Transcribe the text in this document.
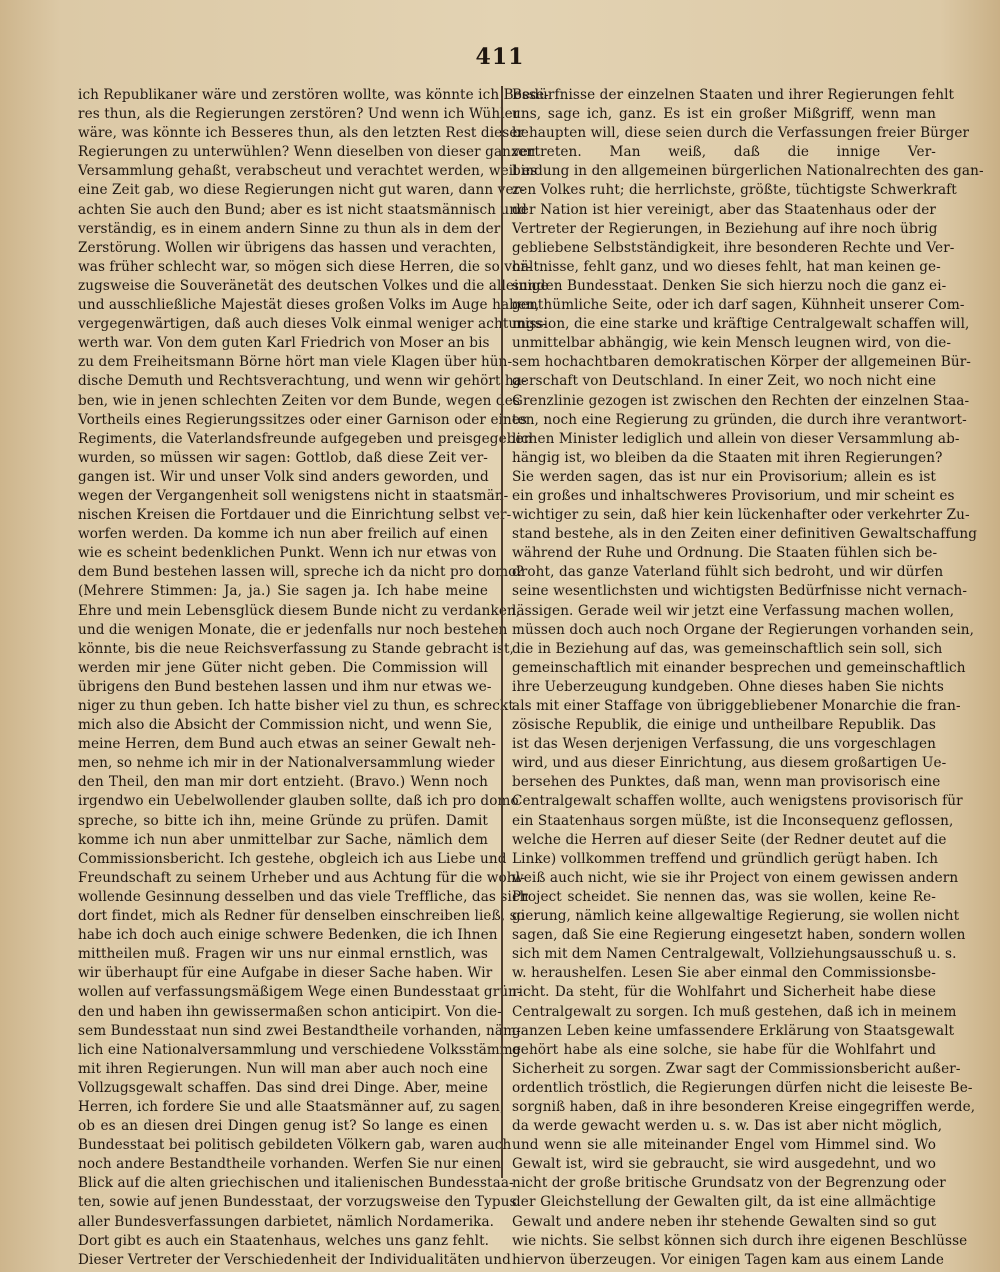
411
ich Republikaner wäre und zerstören wollte, was könnte ich Besse-
res thun, als die Regierungen zerstören? Und wenn ich Wühler
wäre, was könnte ich Besseres thun, als den letzten Rest dieser
Regierungen zu unterwühlen? Wenn dieselben von dieser ganzen
Versammlung gehaßt, verabscheut und verachtet werden, weil es
eine Zeit gab, wo diese Regierungen nicht gut waren, dann ver-
achten Sie auch den Bund; aber es ist nicht staatsmännisch und
verständig, es in einem andern Sinne zu thun als in dem der
Zerstörung. Wollen wir übrigens das hassen und verachten,
was früher schlecht war, so mögen sich diese Herren, die so vor-
zugsweise die Souveränetät des deutschen Volkes und die alleinige
und ausschließliche Majestät dieses großen Volks im Auge haben,
vergegenwärtigen, daß auch dieses Volk einmal weniger achtungs-
werth war. Von dem guten Karl Friedrich von Moser an bis
zu dem Freiheitsmann Börne hört man viele Klagen über hün-
dische Demuth und Rechtsverachtung, und wenn wir gehört ha-
ben, wie in jenen schlechten Zeiten vor dem Bunde, wegen des
Vortheils eines Regierungssitzes oder einer Garnison oder eines
Regiments, die Vaterlandsfreunde aufgegeben und preisgegeben
wurden, so müssen wir sagen: Gottlob, daß diese Zeit ver-
gangen ist. Wir und unser Volk sind anders geworden, und
wegen der Vergangenheit soll wenigstens nicht in staatsmän-
nischen Kreisen die Fortdauer und die Einrichtung selbst ver-
worfen werden. Da komme ich nun aber freilich auf einen
wie es scheint bedenklichen Punkt. Wenn ich nur etwas von
dem Bund bestehen lassen will, spreche ich da nicht pro domo?
(Mehrere Stimmen: Ja, ja.) Sie sagen ja. Ich habe meine
Ehre und mein Lebensglück diesem Bunde nicht zu verdanken,
und die wenigen Monate, die er jedenfalls nur noch bestehen
könnte, bis die neue Reichsverfassung zu Stande gebracht ist,
werden mir jene Güter nicht geben. Die Commission will
übrigens den Bund bestehen lassen und ihm nur etwas we-
niger zu thun geben. Ich hatte bisher viel zu thun, es schreckt
mich also die Absicht der Commission nicht, und wenn Sie,
meine Herren, dem Bund auch etwas an seiner Gewalt neh-
men, so nehme ich mir in der Nationalversammlung wieder
den Theil, den man mir dort entzieht. (Bravo.) Wenn noch
irgendwo ein Uebelwollender glauben sollte, daß ich pro domo
spreche, so bitte ich ihn, meine Gründe zu prüfen. Damit
komme ich nun aber unmittelbar zur Sache, nämlich dem
Commissionsbericht. Ich gestehe, obgleich ich aus Liebe und
Freundschaft zu seinem Urheber und aus Achtung für die wohl-
wollende Gesinnung desselben und das viele Treffliche, das sich
dort findet, mich als Redner für denselben einschreiben ließ, so
habe ich doch auch einige schwere Bedenken, die ich Ihnen
mittheilen muß. Fragen wir uns nur einmal ernstlich, was
wir überhaupt für eine Aufgabe in dieser Sache haben. Wir
wollen auf verfassungsmäßigem Wege einen Bundesstaat grün-
den und haben ihn gewissermaßen schon anticipirt. Von die-
sem Bundesstaat nun sind zwei Bestandtheile vorhanden, näm-
lich eine Nationalversammlung und verschiedene Volksstämme
mit ihren Regierungen. Nun will man aber auch noch eine
Vollzugsgewalt schaffen. Das sind drei Dinge. Aber, meine
Herren, ich fordere Sie und alle Staatsmänner auf, zu sagen,
ob es an diesen drei Dingen genug ist? So lange es einen
Bundesstaat bei politisch gebildeten Völkern gab, waren auch
noch andere Bestandtheile vorhanden. Werfen Sie nur einen
Blick auf die alten griechischen und italienischen Bundesstaa-
ten, sowie auf jenen Bundesstaat, der vorzugsweise den Typus
aller Bundesverfassungen darbietet, nämlich Nordamerika.
Dort gibt es auch ein Staatenhaus, welches uns ganz fehlt.
Dieser Vertreter der Verschiedenheit der Individualitäten und
Bedürfnisse der einzelnen Staaten und ihrer Regierungen fehlt
uns, sage ich, ganz. Es ist ein großer Mißgriff, wenn man
behaupten will, diese seien durch die Verfassungen freier Bürger
vertreten. Man weiß, daß die innige Ver-
bindung in den allgemeinen bürgerlichen Nationalrechten des gan-
zen Volkes ruht; die herrlichste, größte, tüchtigste Schwerkraft
der Nation ist hier vereinigt, aber das Staatenhaus oder der
Vertreter der Regierungen, in Beziehung auf ihre noch übrig
gebliebene Selbstständigkeit, ihre besonderen Rechte und Ver-
hältnisse, fehlt ganz, und wo dieses fehlt, hat man keinen ge-
sunden Bundesstaat. Denken Sie sich hierzu noch die ganz ei-
genthümliche Seite, oder ich darf sagen, Kühnheit unserer Com-
mission, die eine starke und kräftige Centralgewalt schaffen will,
unmittelbar abhängig, wie kein Mensch leugnen wird, von die-
sem hochachtbaren demokratischen Körper der allgemeinen Bür-
gerschaft von Deutschland. In einer Zeit, wo noch nicht eine
Grenzlinie gezogen ist zwischen den Rechten der einzelnen Staa-
ten, noch eine Regierung zu gründen, die durch ihre verantwort-
lichen Minister lediglich und allein von dieser Versammlung ab-
hängig ist, wo bleiben da die Staaten mit ihren Regierungen?
Sie werden sagen, das ist nur ein Provisorium; allein es ist
ein großes und inhaltschweres Provisorium, und mir scheint es
wichtiger zu sein, daß hier kein lückenhafter oder verkehrter Zu-
stand bestehe, als in den Zeiten einer definitiven Gewaltschaffung
während der Ruhe und Ordnung. Die Staaten fühlen sich be-
droht, das ganze Vaterland fühlt sich bedroht, und wir dürfen
seine wesentlichsten und wichtigsten Bedürfnisse nicht vernach-
lässigen. Gerade weil wir jetzt eine Verfassung machen wollen,
müssen doch auch noch Organe der Regierungen vorhanden sein,
die in Beziehung auf das, was gemeinschaftlich sein soll, sich
gemeinschaftlich mit einander besprechen und gemeinschaftlich
ihre Ueberzeugung kundgeben. Ohne dieses haben Sie nichts
als mit einer Staffage von übriggebliebener Monarchie die fran-
zösische Republik, die einige und untheilbare Republik. Das
ist das Wesen derjenigen Verfassung, die uns vorgeschlagen
wird, und aus dieser Einrichtung, aus diesem großartigen Ue-
bersehen des Punktes, daß man, wenn man provisorisch eine
Centralgewalt schaffen wollte, auch wenigstens provisorisch für
ein Staatenhaus sorgen müßte, ist die Inconsequenz geflossen,
welche die Herren auf dieser Seite (der Redner deutet auf die
Linke) vollkommen treffend und gründlich gerügt haben. Ich
weiß auch nicht, wie sie ihr Project von einem gewissen andern
Project scheidet. Sie nennen das, was sie wollen, keine Re-
gierung, nämlich keine allgewaltige Regierung, sie wollen nicht
sagen, daß Sie eine Regierung eingesetzt haben, sondern wollen
sich mit dem Namen Centralgewalt, Vollziehungsausschuß u. s.
w. heraushelfen. Lesen Sie aber einmal den Commissionsbe-
richt. Da steht, für die Wohlfahrt und Sicherheit habe diese
Centralgewalt zu sorgen. Ich muß gestehen, daß ich in meinem
ganzen Leben keine umfassendere Erklärung von Staatsgewalt
gehört habe als eine solche, sie habe für die Wohlfahrt und
Sicherheit zu sorgen. Zwar sagt der Commissionsbericht außer-
ordentlich tröstlich, die Regierungen dürfen nicht die leiseste Be-
sorgniß haben, daß in ihre besonderen Kreise eingegriffen werde,
da werde gewacht werden u. s. w. Das ist aber nicht möglich,
und wenn sie alle miteinander Engel vom Himmel sind. Wo
Gewalt ist, wird sie gebraucht, sie wird ausgedehnt, und wo
nicht der große britische Grundsatz von der Begrenzung oder
der Gleichstellung der Gewalten gilt, da ist eine allmächtige
Gewalt und andere neben ihr stehende Gewalten sind so gut
wie nichts. Sie selbst können sich durch ihre eigenen Beschlüsse
hiervon überzeugen. Vor einigen Tagen kam aus einem Lande
